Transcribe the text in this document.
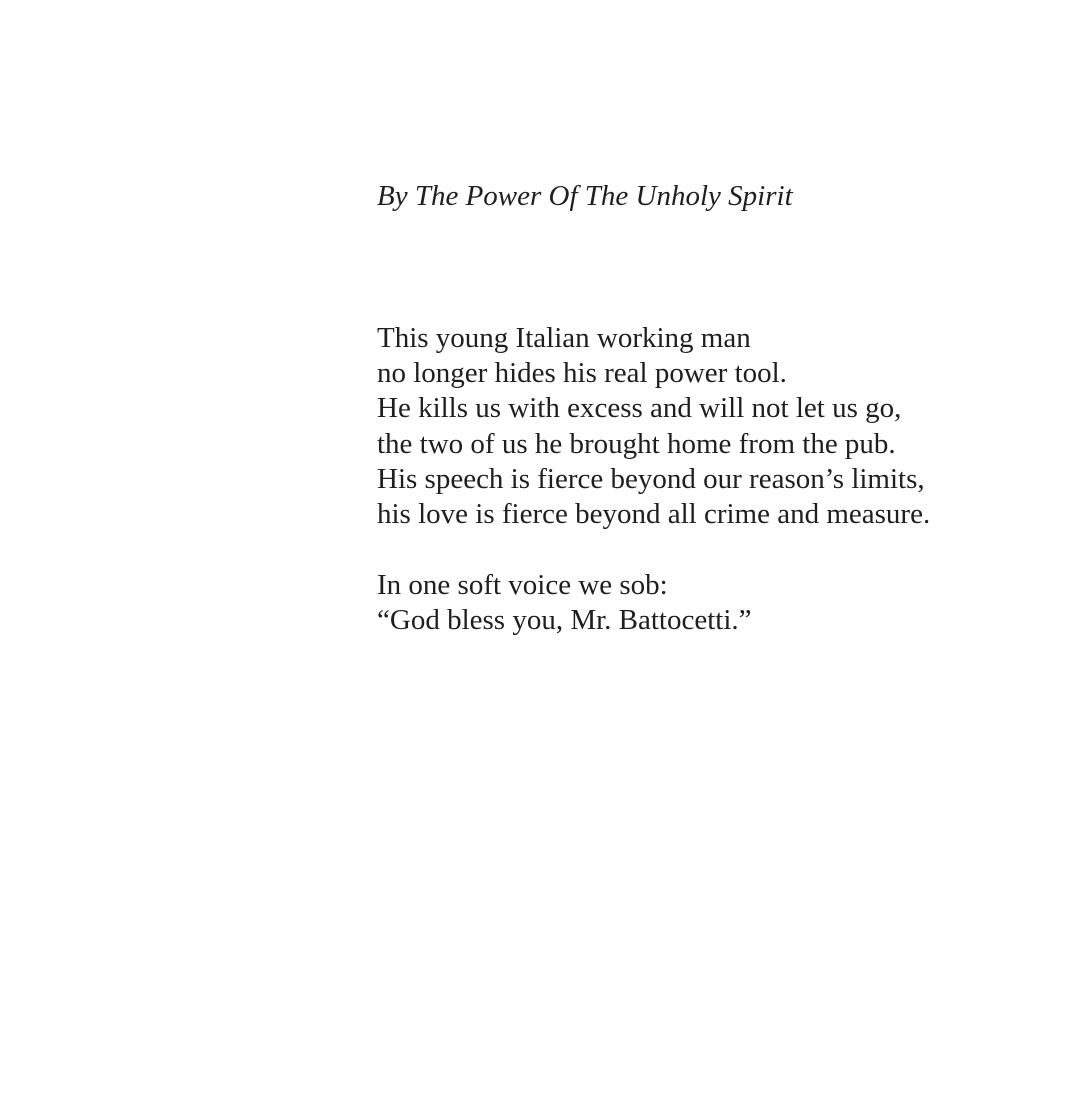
By The Power Of The Unholy Spirit
This young Italian working man
no longer hides his real power tool.
He kills us with excess and will not let us go,
the two of us he brought home from the pub.
His speech is fierce beyond our reason’s limits,
his love is fierce beyond all crime and measure.
In one soft voice we sob:
“God bless you, Mr. Battocetti.”
